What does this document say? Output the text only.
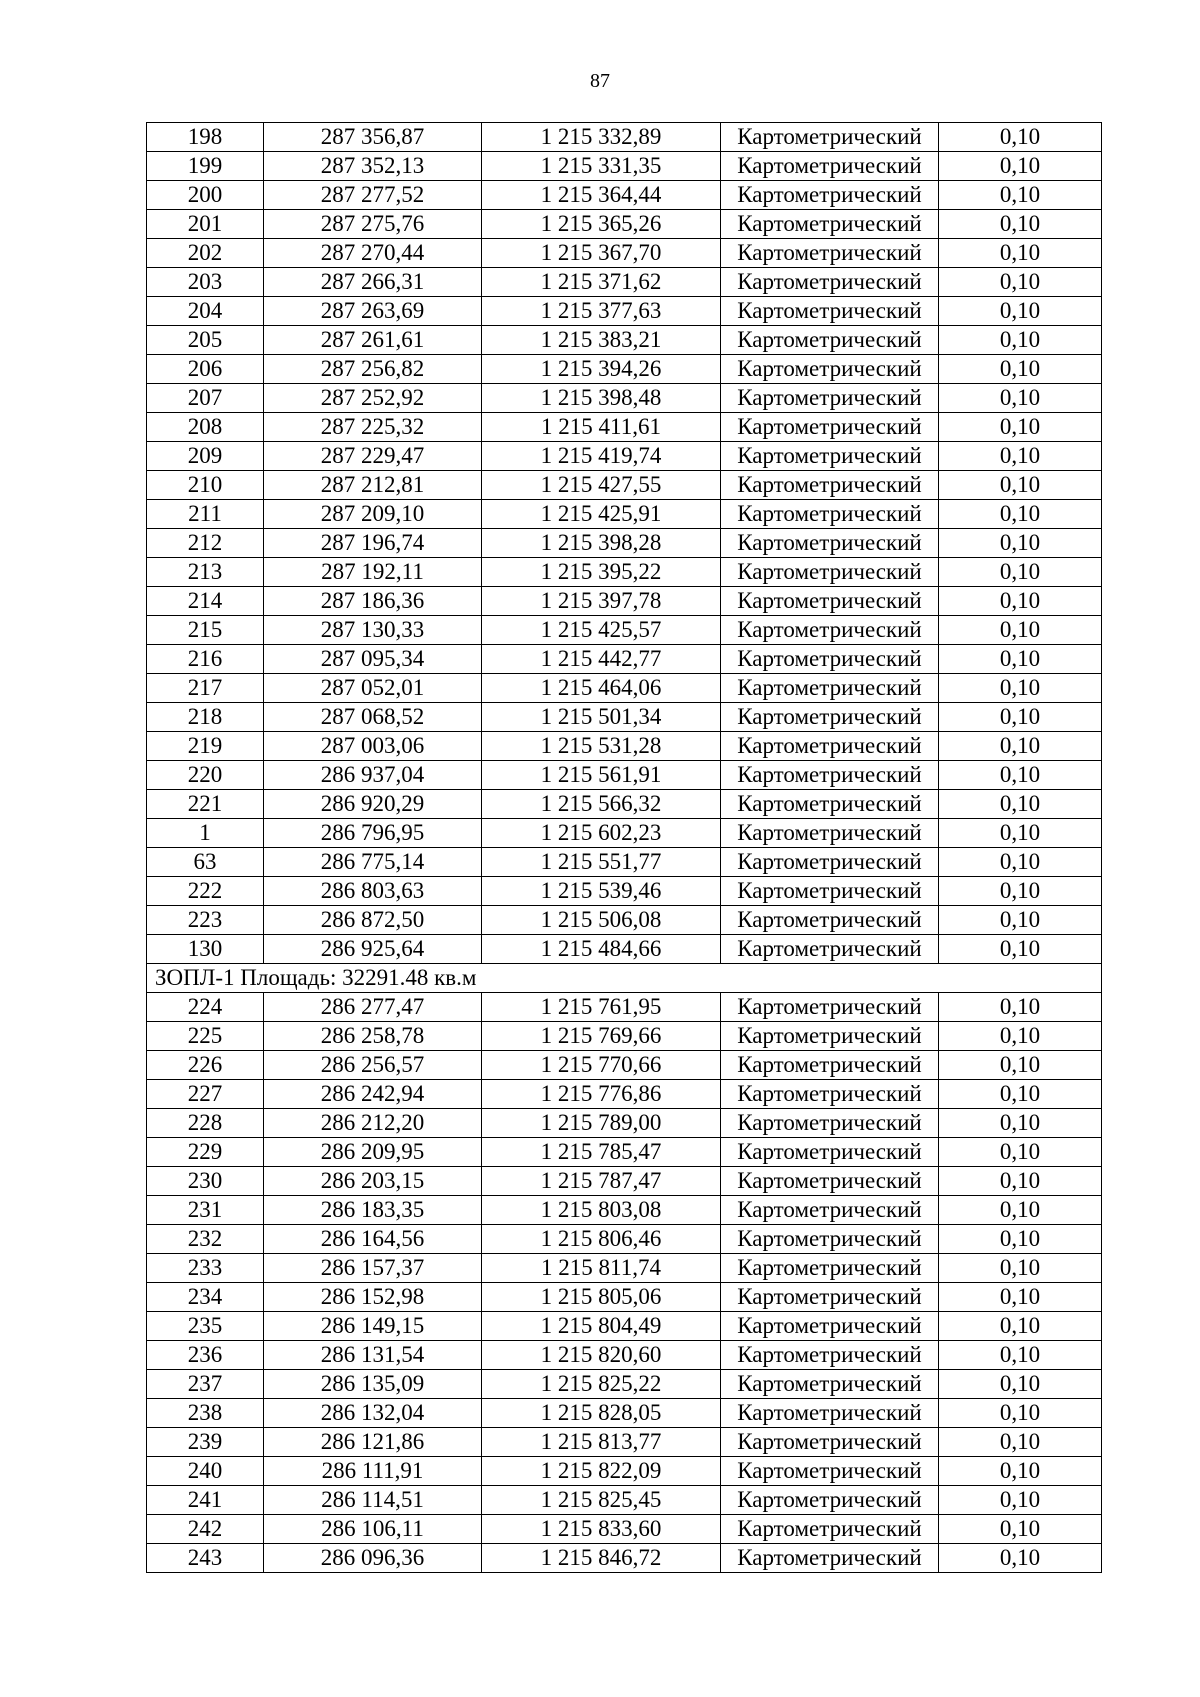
87
198	287 356,87	1 215 332,89	Картометрический	0,10
199	287 352,13	1 215 331,35	Картометрический	0,10
200	287 277,52	1 215 364,44	Картометрический	0,10
201	287 275,76	1 215 365,26	Картометрический	0,10
202	287 270,44	1 215 367,70	Картометрический	0,10
203	287 266,31	1 215 371,62	Картометрический	0,10
204	287 263,69	1 215 377,63	Картометрический	0,10
205	287 261,61	1 215 383,21	Картометрический	0,10
206	287 256,82	1 215 394,26	Картометрический	0,10
207	287 252,92	1 215 398,48	Картометрический	0,10
208	287 225,32	1 215 411,61	Картометрический	0,10
209	287 229,47	1 215 419,74	Картометрический	0,10
210	287 212,81	1 215 427,55	Картометрический	0,10
211	287 209,10	1 215 425,91	Картометрический	0,10
212	287 196,74	1 215 398,28	Картометрический	0,10
213	287 192,11	1 215 395,22	Картометрический	0,10
214	287 186,36	1 215 397,78	Картометрический	0,10
215	287 130,33	1 215 425,57	Картометрический	0,10
216	287 095,34	1 215 442,77	Картометрический	0,10
217	287 052,01	1 215 464,06	Картометрический	0,10
218	287 068,52	1 215 501,34	Картометрический	0,10
219	287 003,06	1 215 531,28	Картометрический	0,10
220	286 937,04	1 215 561,91	Картометрический	0,10
221	286 920,29	1 215 566,32	Картометрический	0,10
1	286 796,95	1 215 602,23	Картометрический	0,10
63	286 775,14	1 215 551,77	Картометрический	0,10
222	286 803,63	1 215 539,46	Картометрический	0,10
223	286 872,50	1 215 506,08	Картометрический	0,10
130	286 925,64	1 215 484,66	Картометрический	0,10
ЗОПЛ-1 Площадь: 32291.48 кв.м				
224	286 277,47	1 215 761,95	Картометрический	0,10
225	286 258,78	1 215 769,66	Картометрический	0,10
226	286 256,57	1 215 770,66	Картометрический	0,10
227	286 242,94	1 215 776,86	Картометрический	0,10
228	286 212,20	1 215 789,00	Картометрический	0,10
229	286 209,95	1 215 785,47	Картометрический	0,10
230	286 203,15	1 215 787,47	Картометрический	0,10
231	286 183,35	1 215 803,08	Картометрический	0,10
232	286 164,56	1 215 806,46	Картометрический	0,10
233	286 157,37	1 215 811,74	Картометрический	0,10
234	286 152,98	1 215 805,06	Картометрический	0,10
235	286 149,15	1 215 804,49	Картометрический	0,10
236	286 131,54	1 215 820,60	Картометрический	0,10
237	286 135,09	1 215 825,22	Картометрический	0,10
238	286 132,04	1 215 828,05	Картометрический	0,10
239	286 121,86	1 215 813,77	Картометрический	0,10
240	286 111,91	1 215 822,09	Картометрический	0,10
241	286 114,51	1 215 825,45	Картометрический	0,10
242	286 106,11	1 215 833,60	Картометрический	0,10
243	286 096,36	1 215 846,72	Картометрический	0,10
